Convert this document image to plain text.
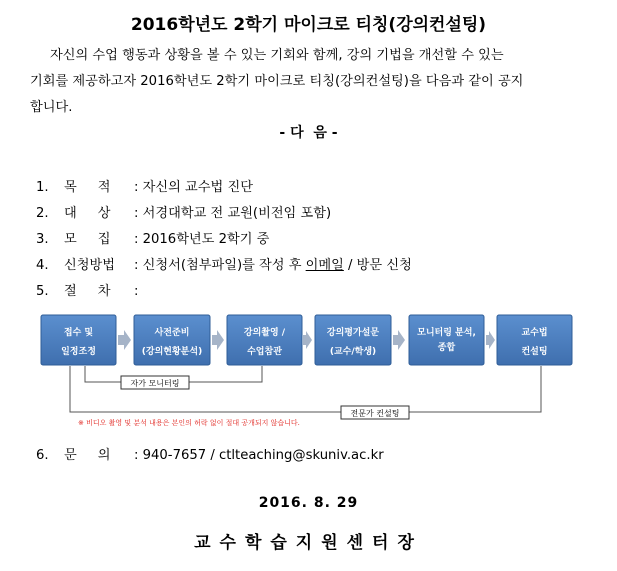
2016학년도 2학기 마이크로 티칭(강의컨설팅)
자신의 수업 행동과 상황을 볼 수 있는 기회와 함께, 강의 기법을 개선할 수 있는
기회를 제공하고자 2016학년도 2학기 마이크로 티칭(강의컨설팅)을 다음과 같이 공지
합니다.
- 다  음 -
1. 목     적 : 자신의 교수법 진단
2. 대     상 : 서경대학교 전 교원(비전임 포함)
3. 모     집 : 2016학년도 2학기 중
4. 신청방법 : 신청서(첨부파일)를 작성 후 이메일 / 방문 신청
5. 절     차 :
접수 및
일정조정
사전준비
(강의현황분석)
강의촬영 /
수업참관
강의평가설문
(교수/학생)
모니터링 분석,
종합
교수법
컨설팅
자가 모니터링
전문가 컨설팅
※ 비디오 촬영 및 분석 내용은 본인의 허락 없이 절대 공개되지 않습니다.
6. 문     의 : 940-7657 / ctlteaching@skuniv.ac.kr
2016. 8. 29
교수학습지원센터장
